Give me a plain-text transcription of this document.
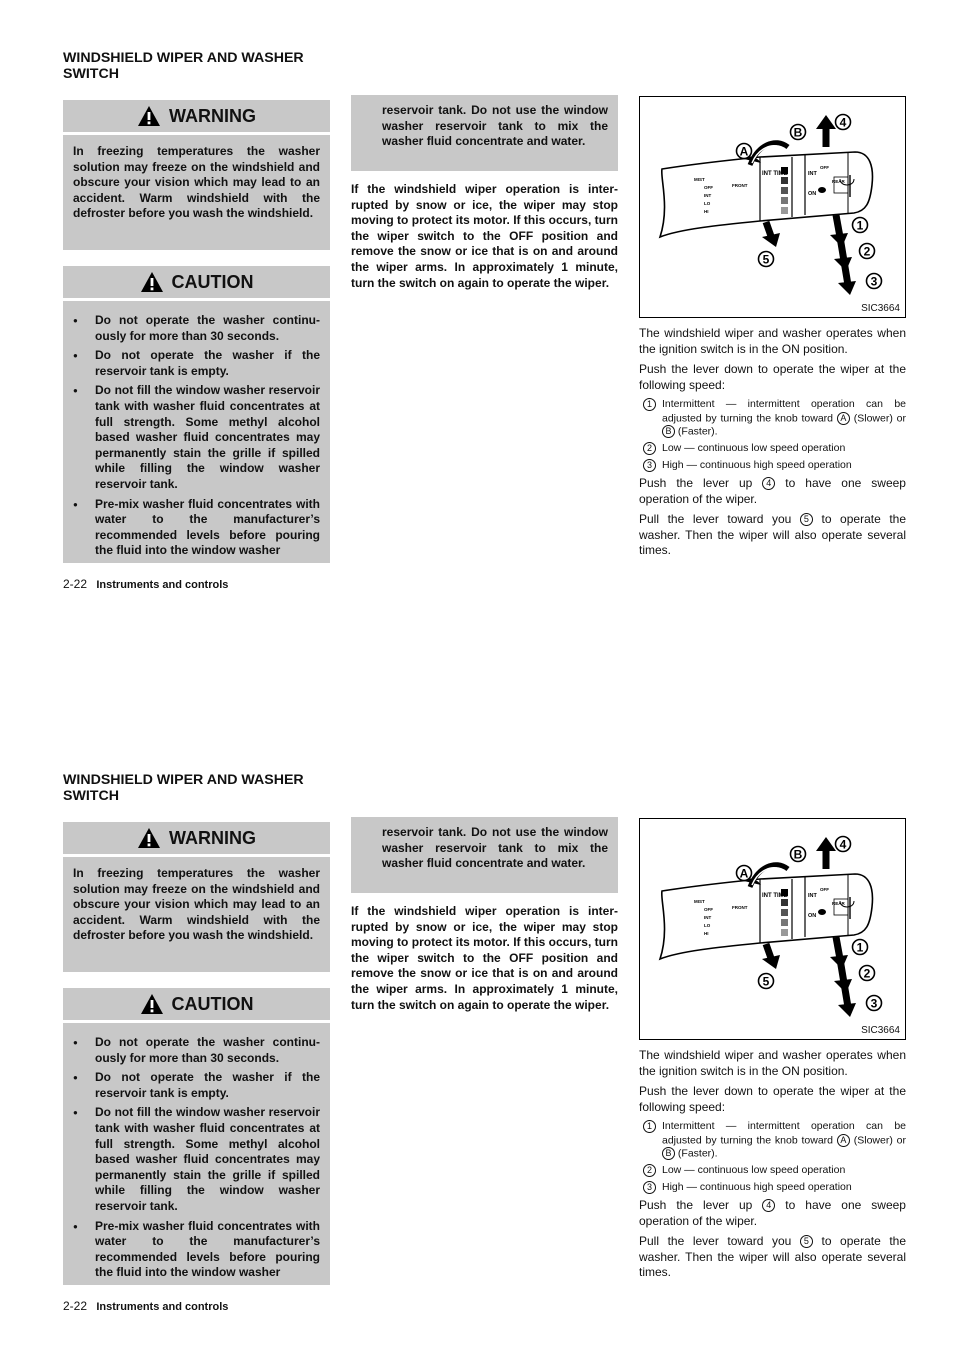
WINDSHIELD WIPER AND WASHER SWITCH
WARNING
In freezing temperatures the washer solution may freeze on the windshield and obscure your vision which may lead to an accident. Warm windshield with the defroster before you wash the windshield.
CAUTION
● Do not operate the washer continu-ously for more than 30 seconds.
● Do not operate the washer if the reservoir tank is empty.
● Do not fill the window washer reservoir tank with washer fluid concentrates at full strength. Some methyl alcohol based washer fluid concentrates may permanently stain the grille if spilled while filling the window washer reservoir tank.
● Pre-mix washer fluid concentrates with water to the manufacturer’s recommended levels before pouring the fluid into the window washer
reservoir tank. Do not use the window washer reservoir tank to mix the washer fluid concentrate and water.
If the windshield wiper operation is inter-rupted by snow or ice, the wiper may stop moving to protect its motor. If this occurs, turn the wiper switch to the OFF position and remove the snow or ice that is on and around the wiper arms. In approximately 1 minute, turn the switch on again to operate the wiper.
MIST
OFF
INT
LO
HI
FRONT
INT TIME	INT
ON
OFF
REAR
A
B
4
1
2
3
5
SIC3664

The windshield wiper and washer operates when the ignition switch is in the ON position.

Push the lever down to operate the wiper at the following speed:

1 Intermittent — intermittent operation can be adjusted by turning the knob toward A (Slower) or B (Faster).
2 Low — continuous low speed operation
3 High — continuous high speed operation

Push the lever up 4 to have one sweep operation of the wiper.

Pull the lever toward you 5 to operate the washer. Then the wiper will also operate several times.

2-22 Instruments and controls
WINDSHIELD WIPER AND WASHER SWITCH
WARNING
In freezing temperatures the washer solution may freeze on the windshield and obscure your vision which may lead to an accident. Warm windshield with the defroster before you wash the windshield.
CAUTION
● Do not operate the washer continu-ously for more than 30 seconds.
● Do not operate the washer if the reservoir tank is empty.
● Do not fill the window washer reservoir tank with washer fluid concentrates at full strength. Some methyl alcohol based washer fluid concentrates may permanently stain the grille if spilled while filling the window washer reservoir tank.
● Pre-mix washer fluid concentrates with water to the manufacturer’s recommended levels before pouring the fluid into the window washer
reservoir tank. Do not use the window washer reservoir tank to mix the washer fluid concentrate and water.
If the windshield wiper operation is inter-rupted by snow or ice, the wiper may stop moving to protect its motor. If this occurs, turn the wiper switch to the OFF position and remove the snow or ice that is on and around the wiper arms. In approximately 1 minute, turn the switch on again to operate the wiper.
MIST
OFF
INT
LO
HI
FRONT
INT TIME	INT
ON
OFF
REAR
A
B
4
1
2
3
5
SIC3664

The windshield wiper and washer operates when the ignition switch is in the ON position.

Push the lever down to operate the wiper at the following speed:

1 Intermittent — intermittent operation can be adjusted by turning the knob toward A (Slower) or B (Faster).
2 Low — continuous low speed operation
3 High — continuous high speed operation

Push the lever up 4 to have one sweep operation of the wiper.

Pull the lever toward you 5 to operate the washer. Then the wiper will also operate several times.

2-22 Instruments and controls
